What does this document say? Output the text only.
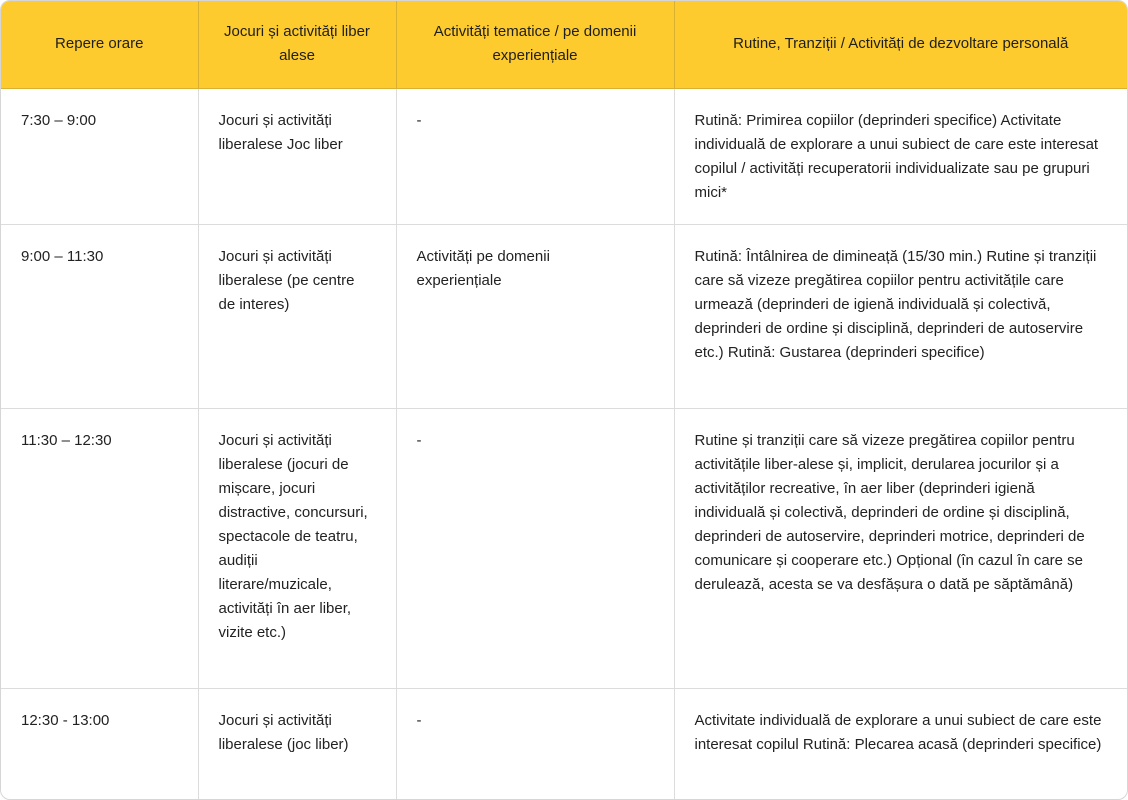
Repere orare	Jocuri și activități liber alese	Activități tematice / pe domenii experiențiale	Rutine, Tranziții / Activități de dezvoltare personală
7:30 – 9:00	Jocuri și activități liberalese Joc liber	-	Rutină: Primirea copiilor (deprinderi specifice) Activitate individuală de explorare a unui subiect de care este interesat copilul / activități recuperatorii individualizate sau pe grupuri mici*
9:00 – 11:30	Jocuri și activități liberalese (pe centre de interes)	Activități pe domenii experiențiale	Rutină: Întâlnirea de dimineață (15/30 min.) Rutine și tranziții care să vizeze pregătirea copiilor pentru activitățile care urmează (deprinderi de igienă individuală și colectivă, deprinderi de ordine și disciplină, deprinderi de autoservire etc.) Rutină: Gustarea (deprinderi specifice)
11:30 – 12:30	Jocuri și activități liberalese (jocuri de mișcare, jocuri distractive, concursuri, spectacole de teatru, audiții literare/muzicale, activități în aer liber, vizite etc.)	-	Rutine și tranziții care să vizeze pregătirea copiilor pentru activitățile liber-alese și, implicit, derularea jocurilor și a activităților recreative, în aer liber (deprinderi igienă individuală și colectivă, deprinderi de ordine și disciplină, deprinderi de autoservire, deprinderi motrice, deprinderi de comunicare și cooperare etc.) Opțional (în cazul în care se derulează, acesta se va desfășura o dată pe săptămână)
12:30 - 13:00	Jocuri și activități liberalese (joc liber)	-	Activitate individuală de explorare a unui subiect de care este interesat copilul Rutină: Plecarea acasă (deprinderi specifice)
